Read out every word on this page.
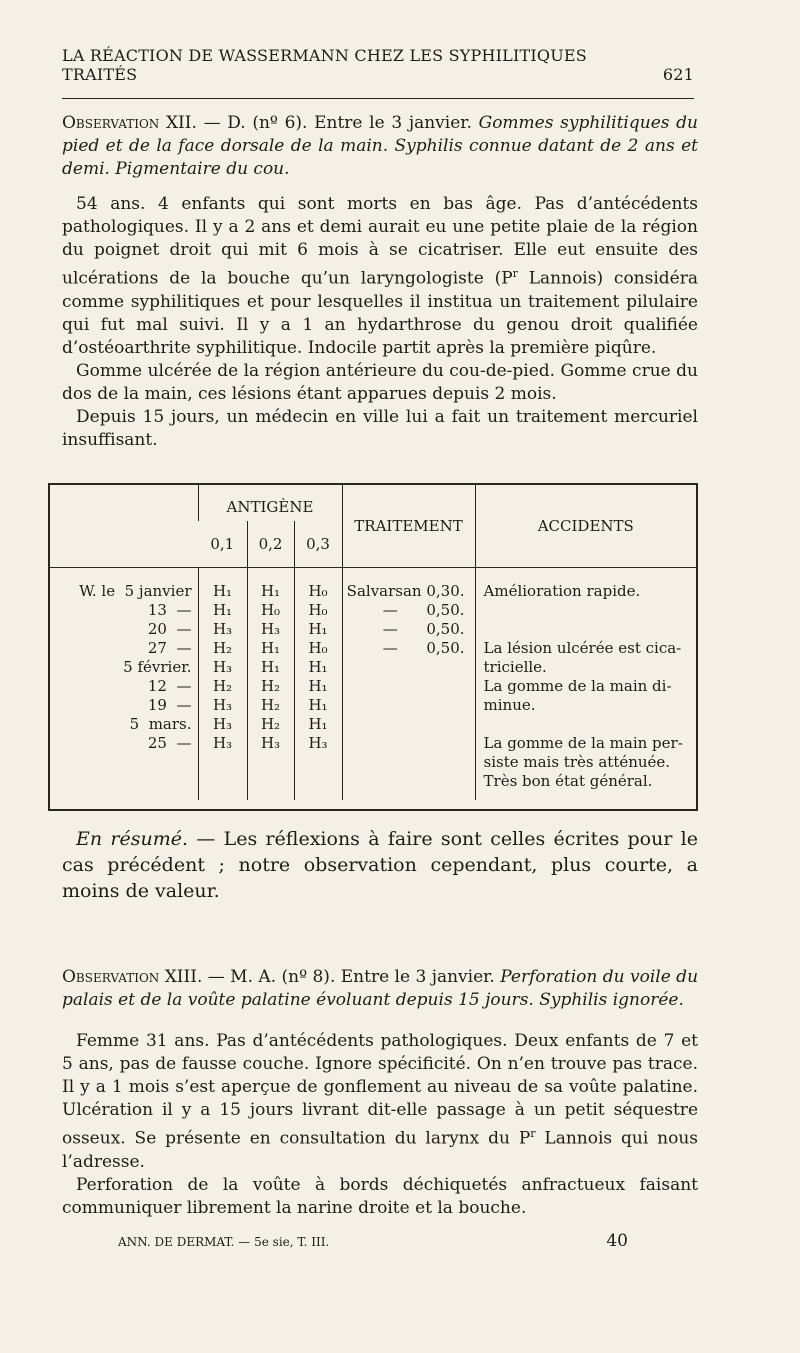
LA RÉACTION DE WASSERMANN CHEZ LES SYPHILITIQUES TRAITÉS	621

Observation XII. — D. (nº 6). Entre le 3 janvier. Gommes syphilitiques du pied et de la face dorsale de la main. Syphilis connue datant de 2 ans et demi. Pigmentaire du cou.

54 ans. 4 enfants qui sont morts en bas âge. Pas d’antécédents pathologiques. Il y a 2 ans et demi aurait eu une petite plaie de la région du poignet droit qui mit 6 mois à se cicatriser. Elle eut ensuite des ulcérations de la bouche qu’un laryngologiste ($P^r$ Lannois) considéra comme syphilitiques et pour lesquelles il institua un traitement pilulaire qui fut mal suivi. Il y a 1 an hydarthrose du genou droit qualifiée d’ostéoarthrite syphilitique. Indocile partit après la première piqûre.

Gomme ulcérée de la région antérieure du cou-de-pied. Gomme crue du dos de la main, ces lésions étant apparues depuis 2 mois.

Depuis 15 jours, un médecin en ville lui a fait un traitement mercuriel insuffisant.

	ANTIGÈNE			TRAITEMENT	ACCIDENTS
	0,1	0,2	0,3		

W. le  5 janvier	H₁	H₁	H₀	Salvarsan 0,30.	Amélioration rapide.
13  —	H₁	H₀	H₀	—      0,50.	
20  —	H₃	H₃	H₁	—      0,50.	
27  —	H₂	H₁	H₀	—      0,50.	La lésion ulcérée est cica-
5 février.	H₃	H₁	H₁		tricielle.
12  —	H₂	H₂	H₁		La gomme de la main di-
19  —	H₃	H₂	H₁		minue.
5  mars.	H₃	H₂	H₁		
25  —	H₃	H₃	H₃		La gomme de la main per-
					siste mais très atténuée.
					Très bon état général.

En résumé. — Les réflexions à faire sont celles écrites pour le cas précédent ; notre observation cependant, plus courte, a moins de valeur.

Observation XIII. — M. A. (nº 8). Entre le 3 janvier. Perforation du voile du palais et de la voûte palatine évoluant depuis 15 jours. Syphilis ignorée.

Femme 31 ans. Pas d’antécédents pathologiques. Deux enfants de 7 et 5 ans, pas de fausse couche. Ignore spécificité. On n’en trouve pas trace. Il y a 1 mois s’est aperçue de gonflement au niveau de sa voûte palatine. Ulcération il y a 15 jours livrant dit-elle passage à un petit séquestre osseux. Se présente en consultation du larynx du $P^r$ Lannois qui nous l’adresse.

Perforation de la voûte à bords déchiquetés anfractueux faisant communiquer librement la narine droite et la bouche.

ANN. DE DERMAT. — 5e sie, T. III.	40
